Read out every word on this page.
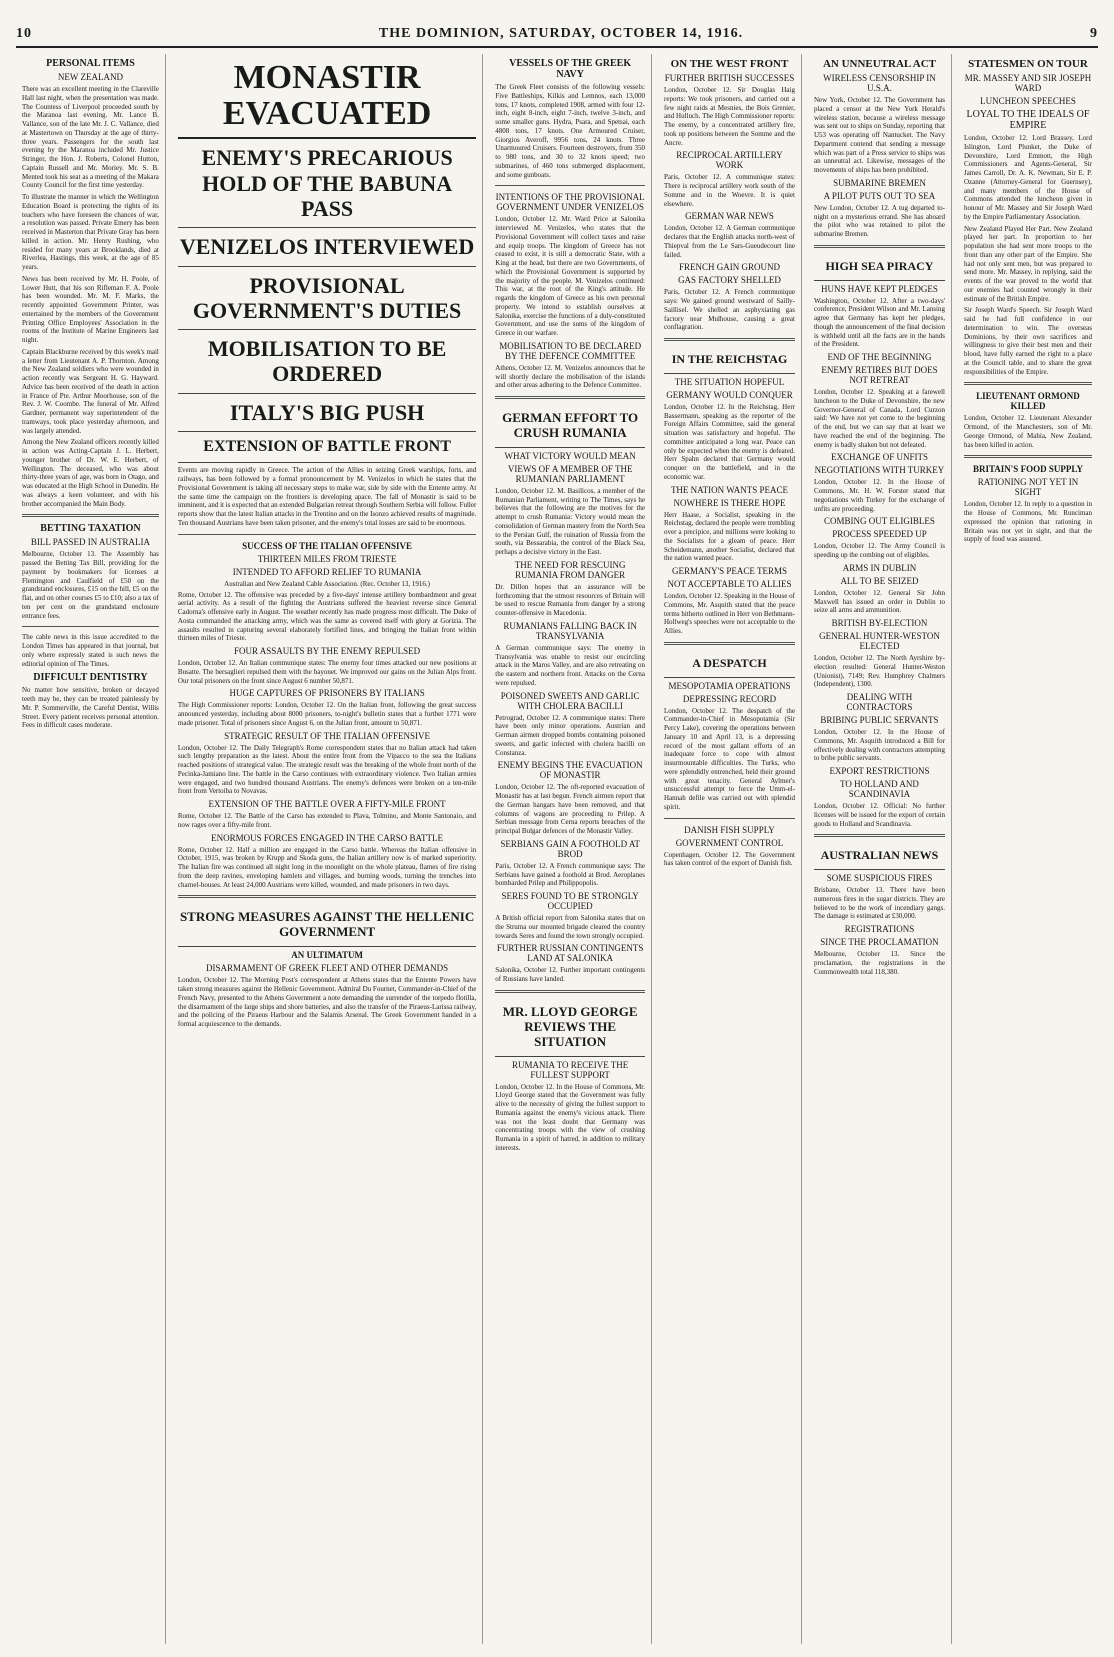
10	THE DOMINION, SATURDAY, OCTOBER 14, 1916.	9
PERSONAL ITEMS
NEW ZEALAND

There was an excellent meeting in the Clareville Hall last night, when the presentation was made. The Countess of Liverpool proceeded south by the Maranoa last evening. Mr. Lance B. Vallance, son of the late Mr. J. C. Vallance, died at Mastertown on Thursday at the age of thirty-three years. Passengers for the south last evening by the Maranoa included Mr. Justice Stringer, the Hon. J. Roberts, Colonel Hutton, Captain Russell and Mr. Moriey. Mr. S. B. Mented took his seat as a meeting of the Makara County Council for the first time yesterday.

To illustrate the manner in which the Wellington Education Board is protecting the rights of its teachers who have foreseen the chances of war, a resolution was passed. Private Emery has been received in Masterton that Private Gray has been killed in action. Mr. Henry Rushing, who resided for many years at Brooklands, died at Riverlea, Hastings, this week, at the age of 85 years.

News has been received by Mr. H. Poole, of Lower Hutt, that his son Rifleman F. A. Poole has been wounded. Mr. M. F. Marks, the recently appointed Government Printer, was entertained by the members of the Government Printing Office Employees' Association in the rooms of the Institute of Marine Engineers last night.

Captain Blackburne received by this week's mail a letter from Lieutenant A. P. Thornton. Among the New Zealand soldiers who were wounded in action recently was Sergeant H. G. Hayward. Advice has been received of the death in action in France of Pte. Arthur Moorhouse, son of the Rev. J. W. Coombe. The funeral of Mr. Alfred Gardner, permanent way superintendent of the tramways, took place yesterday afternoon, and was largely attended.

Among the New Zealand officers recently killed in action was Acting-Captain J. L. Herbert, younger brother of Dr. W. E. Herbert, of Wellington. The deceased, who was about thirty-three years of age, was born in Otago, and was educated at the High School in Dunedin. He was always a keen volunteer, and with his brother accompanied the Main Body.

BETTING TAXATION
BILL PASSED IN AUSTRALIA

Melbourne, October 13. The Assembly has passed the Betting Tax Bill, providing for the payment by bookmakers for licenses at Flemington and Caulfield of £50 on the grandstand enclosures, £15 on the hill, £5 on the flat, and on other courses £5 to £10; also a tax of ten per cent on the grandstand enclosure entrance fees.

The cable news in this issue accredited to the London Times has appeared in that journal, but only where expressly stated is such news the editorial opinion of The Times.

DIFFICULT DENTISTRY

No matter how sensitive, broken or decayed teeth may be, they can be treated painlessly by Mr. P. Sommerville, the Careful Dentist, Willis Street. Every patient receives personal attention. Fees in difficult cases moderate.

MONASTIR EVACUATED
ENEMY'S PRECARIOUS HOLD OF THE BABUNA PASS
VENIZELOS INTERVIEWED
PROVISIONAL GOVERNMENT'S DUTIES
MOBILISATION TO BE ORDERED
ITALY'S BIG PUSH
EXTENSION OF BATTLE FRONT

Events are moving rapidly in Greece. The action of the Allies in seizing Greek warships, forts, and railways, has been followed by a formal pronouncement by M. Venizelos in which he states that the Provisional Government is taking all necessary steps to make war, side by side with the Entente army. At the same time the campaign on the frontiers is developing apace. The fall of Monastir is said to be imminent, and it is expected that an extended Bulgarian retreat through Southern Serbia will follow. Fuller reports show that the latest Italian attacks in the Trentino and on the Isonzo achieved results of magnitude. Ten thousand Austrians have been taken prisoner, and the enemy's total losses are said to be enormous.

SUCCESS OF THE ITALIAN OFFENSIVE
THIRTEEN MILES FROM TRIESTE
INTENDED TO AFFORD RELIEF TO RUMANIA
Australian and New Zealand Cable Association. (Rec. October 13, 1916.)

Rome, October 12. The offensive was preceded by a five-days' intense artillery bombardment and great aerial activity. As a result of the fighting the Austrians suffered the heaviest reverse since General Cadorna's offensive early in August. The weather recently has made progress most difficult. The Duke of Aosta commanded the attacking army, which was the same as covered itself with glory at Gorizia. The assaults resulted in capturing several elaborately fortified lines, and bringing the Italian front within thirteen miles of Trieste.

FOUR ASSAULTS BY THE ENEMY REPULSED

London, October 12. An Italian communique states: The enemy four times attacked our new positions at Busatte. The bersaglieri repulsed them with the bayonet. We improved our gains on the Julian Alps front. Our total prisoners on the front since August 6 number 50,871.

HUGE CAPTURES OF PRISONERS BY ITALIANS

The High Commissioner reports: London, October 12. On the Italian front, following the great success announced yesterday, including about 8000 prisoners, to-night's bulletin states that a further 1771 were made prisoner. Total of prisoners since August 6, on the Julian front, amount to 50,871.

STRATEGIC RESULT OF THE ITALIAN OFFENSIVE

London, October 12. The Daily Telegraph's Rome correspondent states that no Italian attack had taken such lengthy preparation as the latest. About the entire front from the Vipacco to the sea the Italians reached positions of strategical value. The strategic result was the breaking of the whole front north of the Pecinka-Jamiano line. The battle in the Carso continues with extraordinary violence. Two Italian armies were engaged, and two hundred thousand Austrians. The enemy's defences were broken on a ten-mile front from Vertoiba to Novavas.

EXTENSION OF THE BATTLE OVER A FIFTY-MILE FRONT

Rome, October 12. The Battle of the Carso has extended to Plava, Tolmino, and Monte Santonaio, and now rages over a fifty-mile front.

ENORMOUS FORCES ENGAGED IN THE CARSO BATTLE

Rome, October 12. Half a million are engaged in the Carso battle. Whereas the Italian offensive in October, 1915, was broken by Krupp and Skoda guns, the Italian artillery now is of marked superiority. The Italian fire was continued all night long in the moonlight on the whole plateau, flames of fire rising from the deep ravines, enveloping hamlets and villages, and burning woods, turning the trenches into charnel-houses. At least 24,000 Austrians were killed, wounded, and made prisoners in two days.

STRONG MEASURES AGAINST THE HELLENIC GOVERNMENT
AN ULTIMATUM
DISARMAMENT OF GREEK FLEET AND OTHER DEMANDS

London, October 12. The Morning Post's correspondent at Athens states that the Entente Powers have taken strong measures against the Hellenic Government. Admiral Du Fournet, Commander-in-Chief of the French Navy, presented to the Athens Government a note demanding the surrender of the torpedo flotilla, the disarmament of the large ships and shore batteries, and also the transfer of the Piraeus-Larissa railway, and the policing of the Piraeus Harbour and the Salamis Arsenal. The Greek Government handed in a formal acquiescence to the demands.

VESSELS OF THE GREEK NAVY

The Greek Fleet consists of the following vessels: Five Battleships, Kilkis and Lemnos, each 13,000 tons, 17 knots, completed 1908, armed with four 12-inch, eight 8-inch, eight 7-inch, twelve 3-inch, and some smaller guns. Hydra, Psara, and Spetsai, each 4808 tons, 17 knots. One Armoured Cruiser, Giorgios Averoff, 9956 tons, 24 knots. Three Unarmoured Cruisers. Fourteen destroyers, from 350 to 980 tons, and 30 to 32 knots speed; two submarines, of 460 tons submerged displacement, and some gunboats.

INTENTIONS OF THE PROVISIONAL GOVERNMENT UNDER VENIZELOS

London, October 12. Mr. Ward Price at Salonika interviewed M. Venizelos, who states that the Provisional Government will collect taxes and raise and equip troops. The kingdom of Greece has not ceased to exist, it is still a democratic State, with a King at the head, but there are two Governments, of which the Provisional Government is supported by the majority of the people. M. Venizelos continued: This war, at the root of the King's attitude. He regards the kingdom of Greece as his own personal property. We intend to establish ourselves at Salonika, exercise the functions of a duly-constituted Government, and use the sums of the kingdom of Greece in our warfare.

MOBILISATION TO BE DECLARED BY THE DEFENCE COMMITTEE

Athens, October 12. M. Venizelos announces that he will shortly declare the mobilisation of the islands and other areas adhering to the Defence Committee.

GERMAN EFFORT TO CRUSH RUMANIA
WHAT VICTORY WOULD MEAN
VIEWS OF A MEMBER OF THE RUMANIAN PARLIAMENT

London, October 12. M. Basilicos, a member of the Rumanian Parliament, writing to The Times, says he believes that the following are the motives for the attempt to crush Rumania: Victory would mean the consolidation of German mastery from the North Sea to the Persian Gulf, the ruination of Russia from the south, via Bessarabia, the control of the Black Sea, perhaps a decisive victory in the East.

THE NEED FOR RESCUING RUMANIA FROM DANGER

Dr. Dillon hopes that an assurance will be forthcoming that the utmost resources of Britain will be used to rescue Rumania from danger by a strong counter-offensive in Macedonia.

RUMANIANS FALLING BACK IN TRANSYLVANIA

A German communique says: The enemy in Transylvania was unable to resist our encircling attack in the Maros Valley, and are also retreating on the eastern and northern front. Attacks on the Cerna were repulsed.

POISONED SWEETS AND GARLIC WITH CHOLERA BACILLI

Petrograd, October 12. A communique states: There have been only minor operations. Austrian and German airmen dropped bombs containing poisoned sweets, and garlic infected with cholera bacilli on Constanza.

ENEMY BEGINS THE EVACUATION OF MONASTIR

London, October 12. The oft-reported evacuation of Monastir has at last begun. French airmen report that the German hangars have been removed, and that columns of wagons are proceeding to Prilep. A Serbian message from Cerna reports breaches of the principal Bulgar defences of the Monastir Valley.

SERBIANS GAIN A FOOTHOLD AT BROD

Paris, October 12. A French communique says: The Serbians have gained a foothold at Brod. Aeroplanes bombarded Prilep and Philippopolis.

SERES FOUND TO BE STRONGLY OCCUPIED

A British official report from Salonika states that on the Struma our mounted brigade cleared the country towards Seres and found the town strongly occupied.

FURTHER RUSSIAN CONTINGENTS LAND AT SALONIKA

Salonika, October 12. Further important contingents of Russians have landed.

MR. LLOYD GEORGE REVIEWS THE SITUATION
RUMANIA TO RECEIVE THE FULLEST SUPPORT

London, October 12. In the House of Commons, Mr. Lloyd George stated that the Government was fully alive to the necessity of giving the fullest support to Rumania against the enemy's vicious attack. There was not the least doubt that Germany was concentrating troops with the view of crushing Rumania in a spirit of hatred, in addition to military interests.

ON THE WEST FRONT
FURTHER BRITISH SUCCESSES

London, October 12. Sir Douglas Haig reports: We took prisoners, and carried out a few night raids at Mesnies, the Bois Grenier, and Hulluch. The High Commissioner reports: The enemy, by a concentrated artillery fire, took up positions between the Somme and the Ancre.

RECIPROCAL ARTILLERY WORK

Paris, October 12. A communique states: There is reciprocal artillery work south of the Somme and in the Woevre. It is quiet elsewhere.

GERMAN WAR NEWS

London, October 12. A German communique declares that the English attacks north-west of Thiepval from the Le Sars-Gueudecourt line failed.

FRENCH GAIN GROUND
GAS FACTORY SHELLED

Paris, October 12. A French communique says: We gained ground westward of Sailly-Saillisel. We shelled an asphyxiating gas factory near Mulhouse, causing a great conflagration.

IN THE REICHSTAG
THE SITUATION HOPEFUL
GERMANY WOULD CONQUER

London, October 12. In the Reichstag, Herr Bassermann, speaking as the reporter of the Foreign Affairs Committee, said the general situation was satisfactory and hopeful. The committee anticipated a long war. Peace can only be expected when the enemy is defeated. Herr Spahn declared that Germany would conquer on the battlefield, and in the economic war.

THE NATION WANTS PEACE
NOWHERE IS THERE HOPE

Herr Haase, a Socialist, speaking in the Reichstag, declared the people were trembling over a precipice, and millions were looking to the Socialists for a gleam of peace. Herr Scheidemann, another Socialist, declared that the nation wanted peace.

GERMANY'S PEACE TERMS
NOT ACCEPTABLE TO ALLIES

London, October 12. Speaking in the House of Commons, Mr. Asquith stated that the peace terms hitherto outlined in Herr von Bethmann-Hollweg's speeches were not acceptable to the Allies.

A DESPATCH
MESOPOTAMIA OPERATIONS
DEPRESSING RECORD

London, October 12. The despatch of the Commander-in-Chief in Mesopotamia (Sir Percy Lake), covering the operations between January 10 and April 13, is a depressing record of the most gallant efforts of an inadequate force to cope with almost insurmountable difficulties. The Turks, who were splendidly entrenched, held their ground with great tenacity. General Aylmer's unsuccessful attempt to force the Umm-el-Hannah defile was carried out with splendid spirit.

DANISH FISH SUPPLY
GOVERNMENT CONTROL

Copenhagen, October 12. The Government has taken control of the export of Danish fish.

AN UNNEUTRAL ACT
WIRELESS CENSORSHIP IN U.S.A.

New York, October 12. The Government has placed a censor at the New York Herald's wireless station, because a wireless message was sent out to ships on Sunday, reporting that U53 was operating off Nantucket. The Navy Department contend that sending a message which was part of a Press service to ships was an unneutral act. Likewise, messages of the movements of ships has been prohibited.

SUBMARINE BREMEN
A PILOT PUTS OUT TO SEA

New London, October 12. A tug departed to-night on a mysterious errand. She has aboard the pilot who was retained to pilot the submarine Bremen.

HIGH SEA PIRACY
HUNS HAVE KEPT PLEDGES

Washington, October 12. After a two-days' conference, President Wilson and Mr. Lansing agree that Germany has kept her pledges, though the announcement of the final decision is withheld until all the facts are in the hands of the President.

END OF THE BEGINNING
ENEMY RETIRES BUT DOES NOT RETREAT

London, October 12. Speaking at a farewell luncheon to the Duke of Devonshire, the new Governor-General of Canada, Lord Curzon said: We have not yet come to the beginning of the end, but we can say that at least we have reached the end of the beginning. The enemy is badly shaken but not defeated.

EXCHANGE OF UNFITS
NEGOTIATIONS WITH TURKEY

London, October 12. In the House of Commons, Mr. H. W. Forster stated that negotiations with Turkey for the exchange of unfits are proceeding.

COMBING OUT ELIGIBLES
PROCESS SPEEDED UP

London, October 12. The Army Council is speeding up the combing out of eligibles.

ARMS IN DUBLIN
ALL TO BE SEIZED

London, October 12. General Sir John Maxwell has issued an order in Dublin to seize all arms and ammunition.

BRITISH BY-ELECTION
GENERAL HUNTER-WESTON ELECTED

London, October 12. The North Ayrshire by-election resulted: General Hunter-Weston (Unionist), 7149; Rev. Humphrey Chalmers (Independent), 1300.

DEALING WITH CONTRACTORS
BRIBING PUBLIC SERVANTS

London, October 12. In the House of Commons, Mr. Asquith introduced a Bill for effectively dealing with contractors attempting to bribe public servants.

EXPORT RESTRICTIONS
TO HOLLAND AND SCANDINAVIA

London, October 12. Official: No further licenses will be issued for the export of certain goods to Holland and Scandinavia.

AUSTRALIAN NEWS
SOME SUSPICIOUS FIRES

Brisbane, October 13. There have been numerous fires in the sugar districts. They are believed to be the work of incendiary gangs. The damage is estimated at £30,000.

REGISTRATIONS
SINCE THE PROCLAMATION

Melbourne, October 13. Since the proclamation, the registrations in the Commonwealth total 118,380.

STATESMEN ON TOUR
MR. MASSEY AND SIR JOSEPH WARD
LUNCHEON SPEECHES
LOYAL TO THE IDEALS OF EMPIRE

London, October 12. Lord Brassey, Lord Islington, Lord Plunket, the Duke of Devonshire, Lord Emmott, the High Commissioners and Agents-General, Sir James Carroll, Dr. A. K. Newman, Sir E. P. Ozanne (Attorney-General for Guernsey), and many members of the House of Commons attended the luncheon given in honour of Mr. Massey and Sir Joseph Ward by the Empire Parliamentary Association.

New Zealand Played Her Part. New Zealand played her part. In proportion to her population she had sent more troops to the front than any other part of the Empire. She had not only sent men, but was prepared to send more. Mr. Massey, in replying, said the events of the war proved to the world that our enemies had counted wrongly in their estimate of the British Empire.

Sir Joseph Ward's Speech. Sir Joseph Ward said he had full confidence in our determination to win. The overseas Dominions, by their own sacrifices and willingness to give their best men and their blood, have fully earned the right to a place at the Council table, and to share the great responsibilities of the Empire.

LIEUTENANT ORMOND KILLED

London, October 12. Lieutenant Alexander Ormond, of the Manchesters, son of Mr. George Ormond, of Mahia, New Zealand, has been killed in action.

BRITAIN'S FOOD SUPPLY
RATIONING NOT YET IN SIGHT

London, October 12. In reply to a question in the House of Commons, Mr. Runciman expressed the opinion that rationing in Britain was not yet in sight, and that the supply of food was assured.
